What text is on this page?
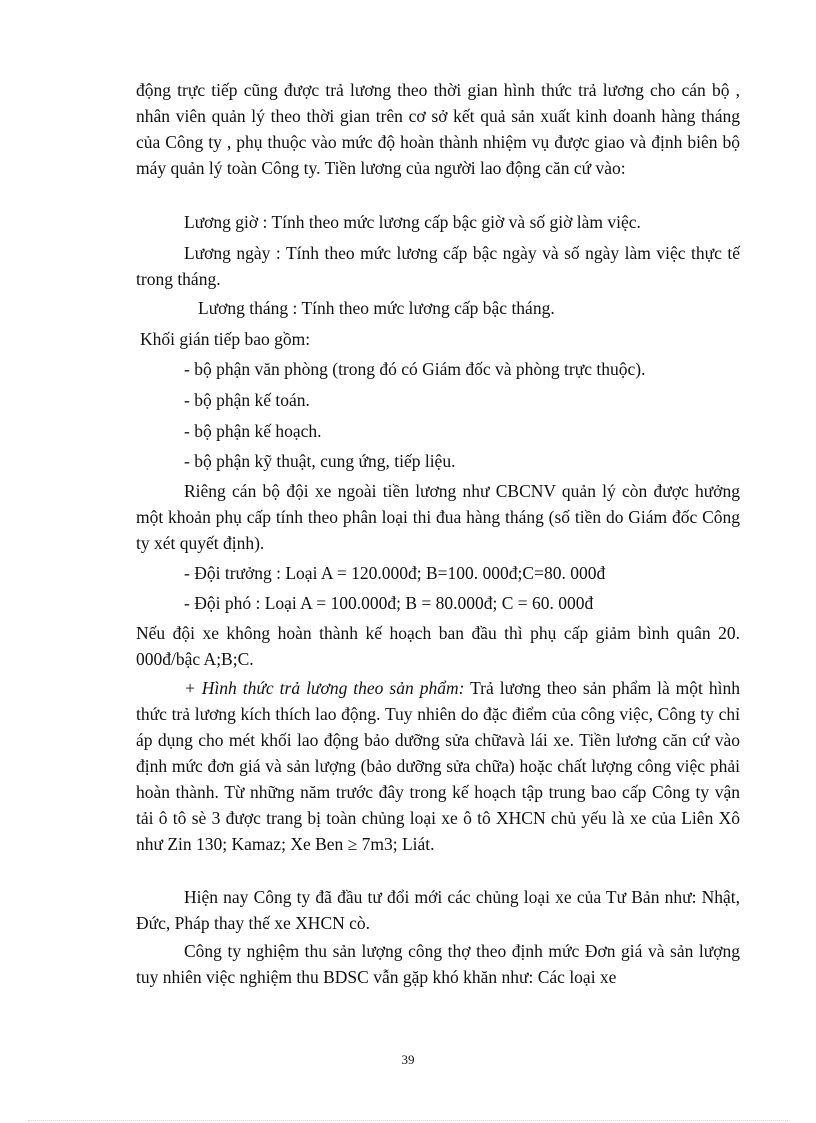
động trực tiếp cũng được trả lương theo thời gian hình thức trả lương cho cán bộ , nhân viên quản lý theo thời gian trên cơ sở kết quả sản xuất kinh doanh hàng tháng của Công ty , phụ thuộc vào mức độ hoàn thành nhiệm vụ được giao và định biên bộ máy quản lý toàn Công ty. Tiền lương của người lao động căn cứ vào:

Lương giờ : Tính theo mức lương cấp bậc giờ và số giờ làm việc.

Lương ngày : Tính theo mức lương cấp bậc ngày và số ngày làm việc thực tế trong tháng.

Lương tháng : Tính theo mức lương cấp bậc tháng.

Khối gián tiếp bao gồm:

- bộ phận văn phòng (trong đó có Giám đốc và phòng trực thuộc).

- bộ phận kế toán.

- bộ phận kế hoạch.

- bộ phận kỹ thuật, cung ứng, tiếp liệu.

Riêng cán bộ đội xe ngoài tiền lương như CBCNV quản lý còn được hưởng một khoản phụ cấp tính theo phân loại thi đua hàng tháng (số tiền do Giám đốc Công ty xét quyết định).

- Đội trưởng : Loại A = 120.000đ; B=100. 000đ;C=80. 000đ

- Đội phó : Loại A = 100.000đ; B = 80.000đ; C = 60. 000đ

Nếu đội xe không hoàn thành kế hoạch ban đầu thì phụ cấp giảm bình quân 20. 000đ/bậc A;B;C.

+ Hình thức trả lương theo sản phẩm: Trả lương theo sản phẩm là một hình thức trả lương kích thích lao động. Tuy nhiên do đặc điểm của công việc, Công ty chỉ áp dụng cho mét khối lao động bảo dưỡng sửa chữavà lái xe. Tiền lương căn cứ vào định mức đơn giá và sản lượng (bảo dưỡng sửa chữa) hoặc chất lượng công việc phải hoàn thành. Từ những năm trước đây trong kế hoạch tập trung bao cấp Công ty vận tải ô tô sè 3 được trang bị toàn chủng loại xe ô tô XHCN chủ yếu là xe của Liên Xô như Zin 130; Kamaz; Xe Ben ≥ 7m3; Liát.

Hiện nay Công ty đã đầu tư đổi mới các chủng loại xe của Tư Bản như: Nhật, Đức, Pháp thay thế xe XHCN cò.

Công ty nghiệm thu sản lượng công thợ theo định mức Đơn giá và sản lượng tuy nhiên việc nghiệm thu BDSC vẫn gặp khó khăn như: Các loại xe

39
